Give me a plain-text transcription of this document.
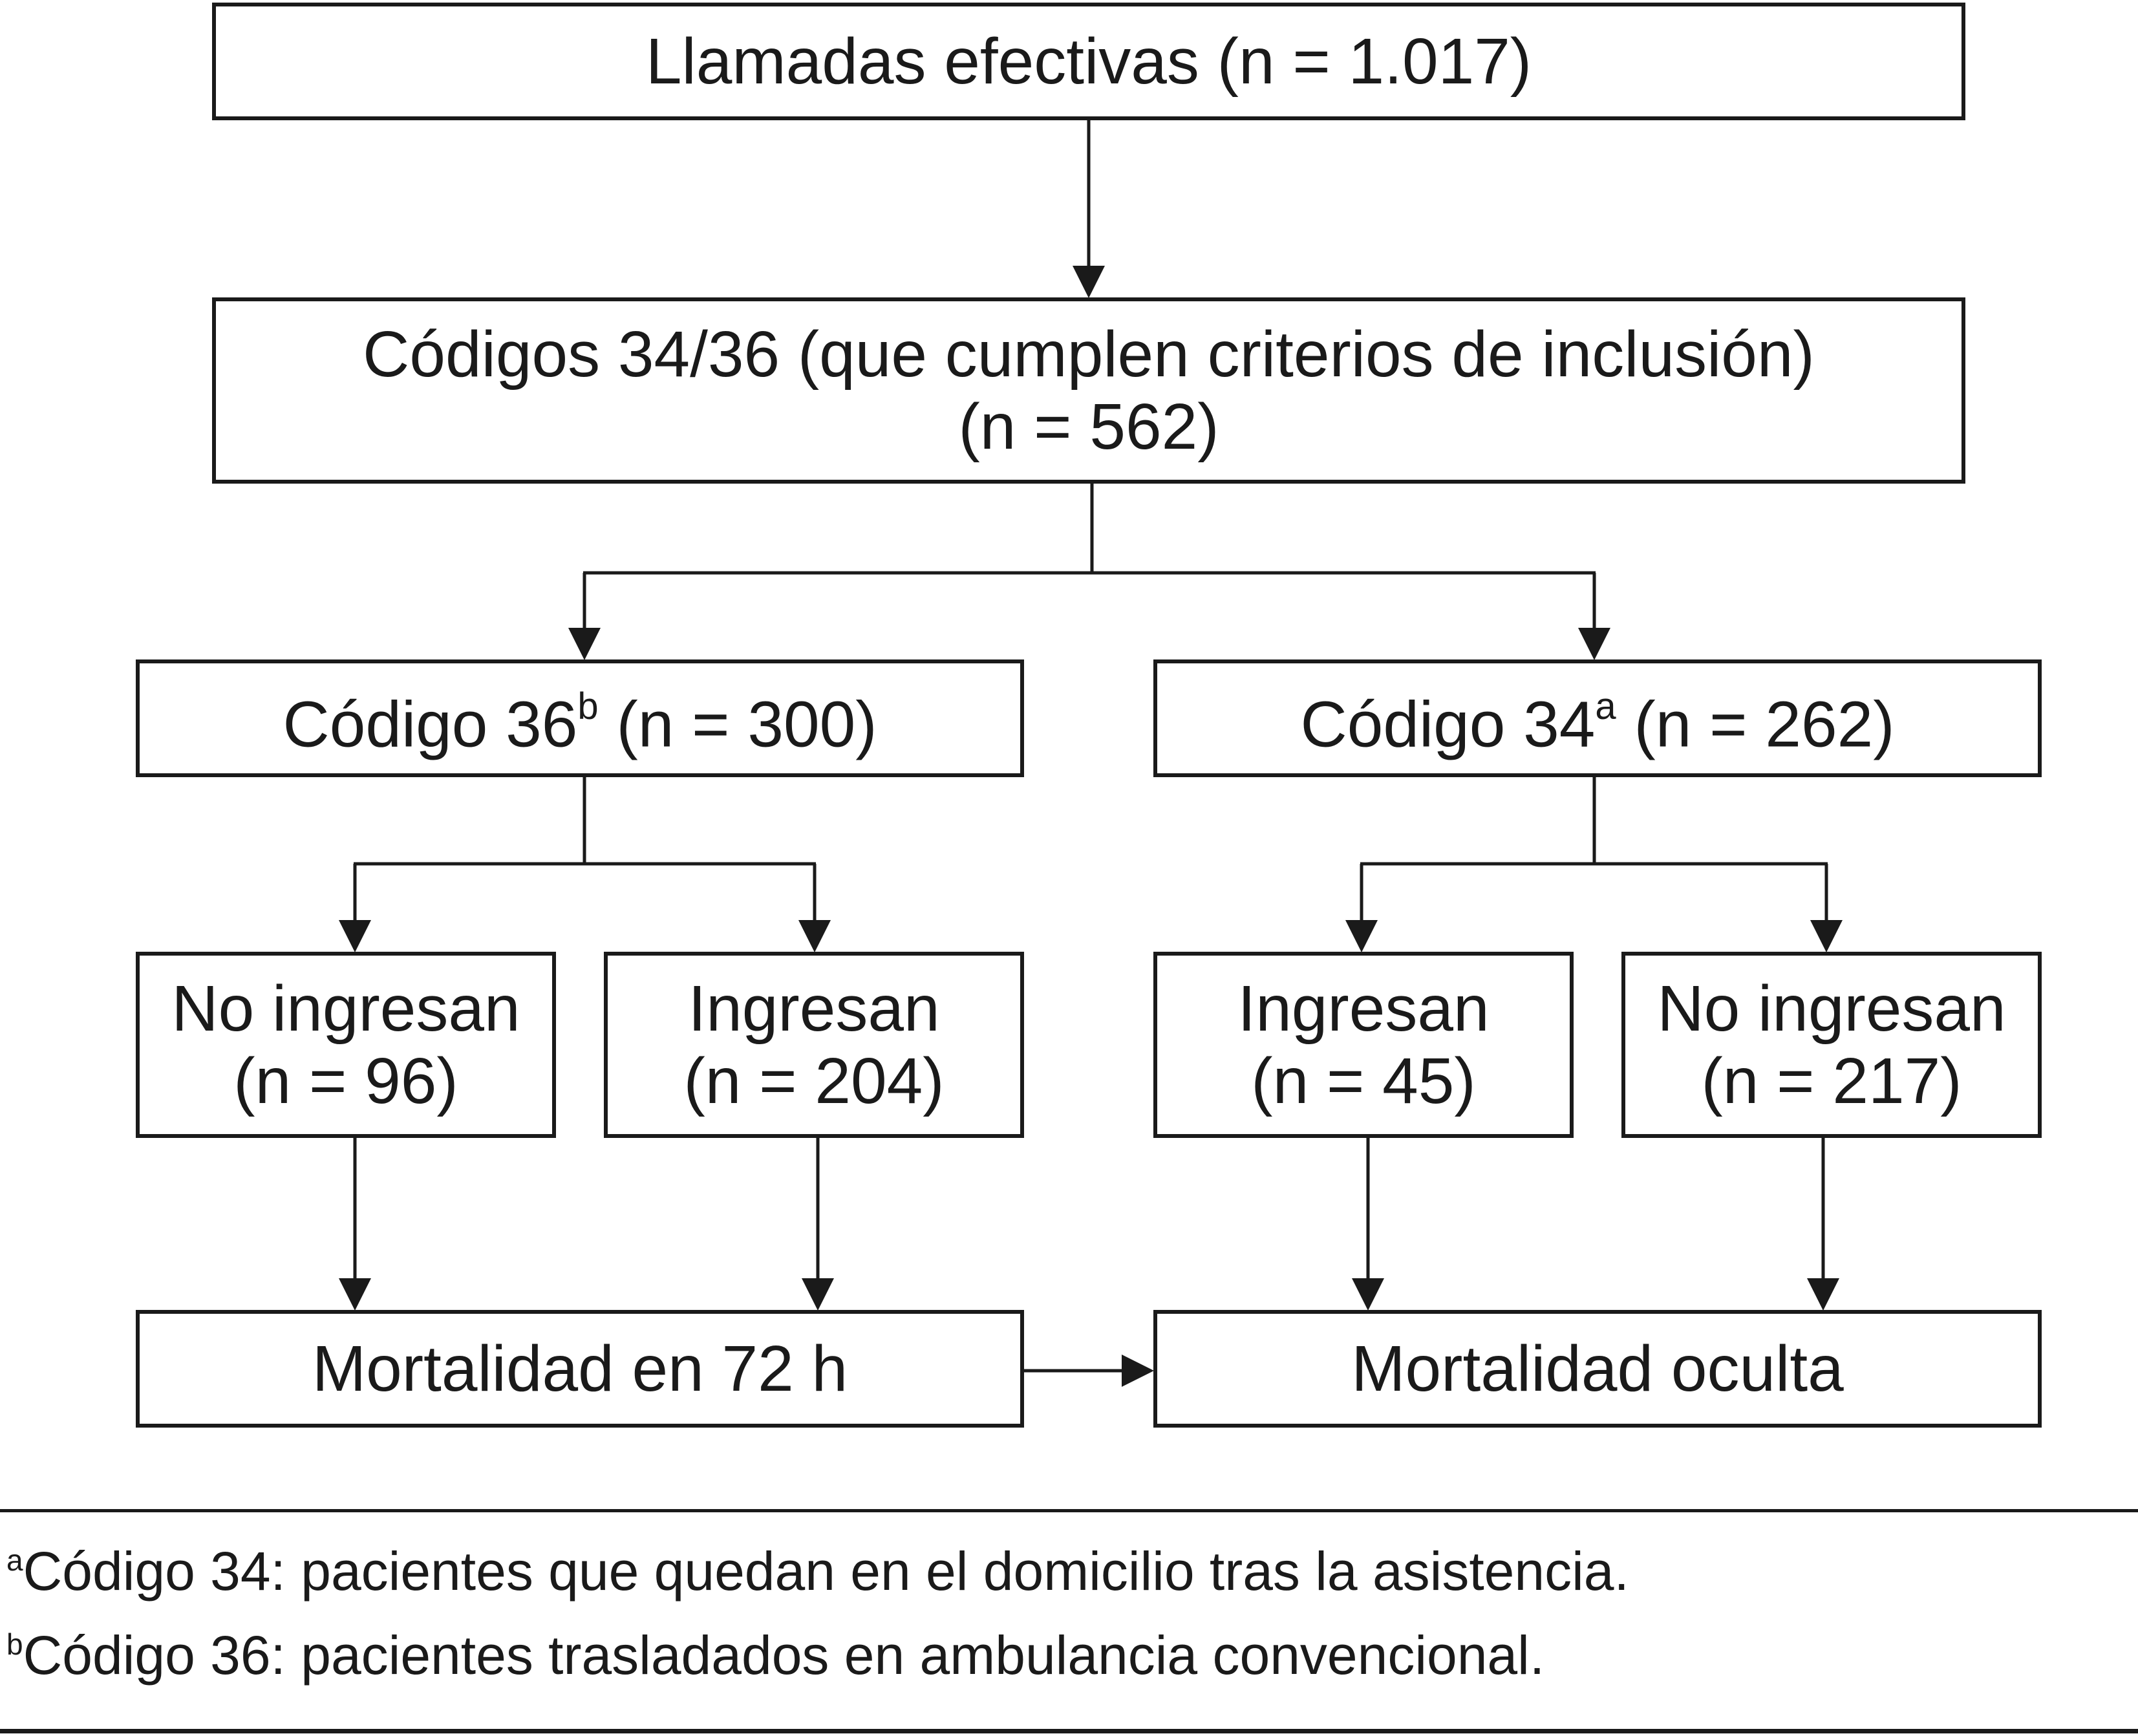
Llamadas efectivas (n = 1.017)
Códigos 34/36 (que cumplen criterios de inclusión)
(n = 562)
Código 36$^b$ (n = 300)	Código 34$^a$ (n = 262)
No ingresan
(n = 96)
Ingresan
(n = 204)
Ingresan
(n = 45)
No ingresan
(n = 217)
Mortalidad en 72 h	Mortalidad oculta
$^a$Código 34: pacientes que quedan en el domicilio tras la asistencia.
$^b$Código 36: pacientes trasladados en ambulancia convencional.
